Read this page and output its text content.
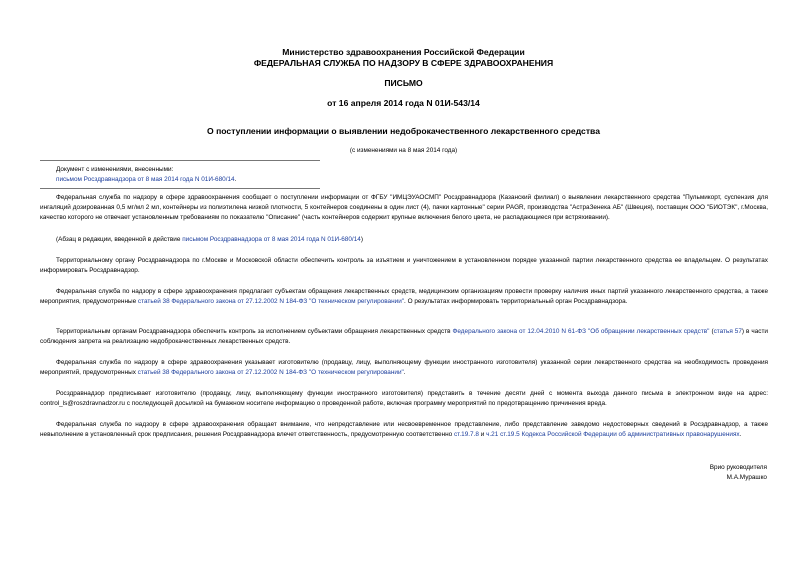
Министерство здравоохранения Российской Федерации
ФЕДЕРАЛЬНАЯ СЛУЖБА ПО НАДЗОРУ В СФЕРЕ ЗДРАВООХРАНЕНИЯ
ПИСЬМО
от 16 апреля 2014 года N 01И-543/14
О поступлении информации о выявлении недоброкачественного лекарственного средства
(с изменениями на 8 мая 2014 года)
Документ с изменениями, внесенными:
письмом Росздравнадзора от 8 мая 2014 года N 01И-680/14.
Федеральная служба по надзору в сфере здравоохранения сообщает о поступлении информации от ФГБУ "ИМЦЭУАОСМП" Росздравнадзора (Казанский филиал) о выявлении лекарственного средства "Пульмикорт, суспензия для ингаляций дозированная 0,5 мг/мл 2 мл, контейнеры из полиэтилена низкой плотности, 5 контейнеров соединены в один лист (4), пачки картонные" серии PAGR, производства "АстраЗенека АБ" (Швеция), поставщик ООО "БИОТЭК", г.Москва, качество которого не отвечает установленным требованиям по показателю "Описание" (часть контейнеров содержит крупные включения белого цвета, не распадающиеся при встряхивании).
(Абзац в редакции, введенной в действие письмом Росздравнадзора от 8 мая 2014 года N 01И-680/14)
Территориальному органу Росздравнадзора по г.Москве и Московской области обеспечить контроль за изъятием и уничтожением в установленном порядке указанной партии лекарственного средства ее владельцем. О результатах информировать Росздравнадзор.
Федеральная служба по надзору в сфере здравоохранения предлагает субъектам обращения лекарственных средств, медицинским организациям провести проверку наличия иных партий указанного лекарственного средства, а также мероприятия, предусмотренные статьей 38 Федерального закона от 27.12.2002 N 184-ФЗ "О техническом регулировании". О результатах информировать территориальный орган Росздравнадзора.
Территориальным органам Росздравнадзора обеспечить контроль за исполнением субъектами обращения лекарственных средств Федерального закона от 12.04.2010 N 61-ФЗ "Об обращении лекарственных средств" (статья 57) в части соблюдения запрета на реализацию недоброкачественных лекарственных средств.
Федеральная служба по надзору в сфере здравоохранения указывает изготовителю (продавцу, лицу, выполняющему функции иностранного изготовителя) указанной серии лекарственного средства на необходимость проведения мероприятий, предусмотренных статьей 38 Федерального закона от 27.12.2002 N 184-ФЗ "О техническом регулировании".
Росздравнадзор предписывает изготовителю (продавцу, лицу, выполняющему функции иностранного изготовителя) представить в течение десяти дней с момента выхода данного письма в электронном виде на адрес: control_ls@roszdravnadzor.ru с последующей досылкой на бумажном носителе информацию о проведенной работе, включая программу мероприятий по предотвращению причинения вреда.
Федеральная служба по надзору в сфере здравоохранения обращает внимание, что непредставление или несвоевременное представление, либо представление заведомо недостоверных сведений в Росздравнадзор, а также невыполнение в установленный срок предписания, решения Росздравнадзора влечет ответственность, предусмотренную соответственно ст.19.7.8 и ч.21 ст.19.5 Кодекса Российской Федерации об административных правонарушениях.
Врио руководителя
М.А.Мурашко
